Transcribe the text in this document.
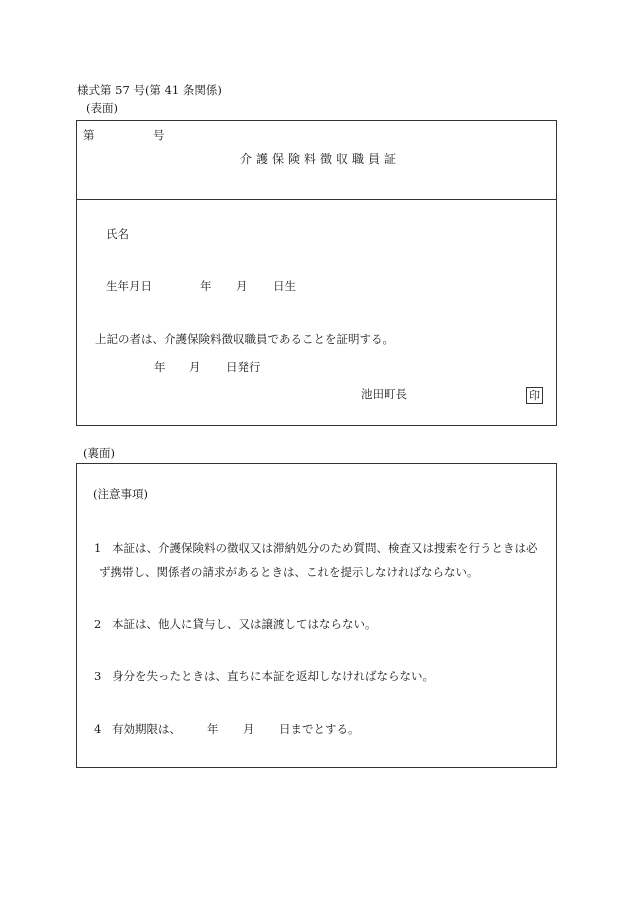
様式第 57 号(第 41 条関係)
(表面)
第	号
介護保険料徴収職員証
氏名
生年月日	年 月 日生
上記の者は、介護保険料徴収職員であることを証明する。
年 月 日発行
池田町長	印
(裏面)
(注意事項)
1 本証は、介護保険料の徴収又は滞納処分のため質問、検査又は捜索を行うときは必
ず携帯し、関係者の請求があるときは、これを提示しなければならない。
2 本証は、他人に貸与し、又は譲渡してはならない。
3 身分を失ったときは、直ちに本証を返却しなければならない。
4 有効期限は、 年 月 日までとする。
